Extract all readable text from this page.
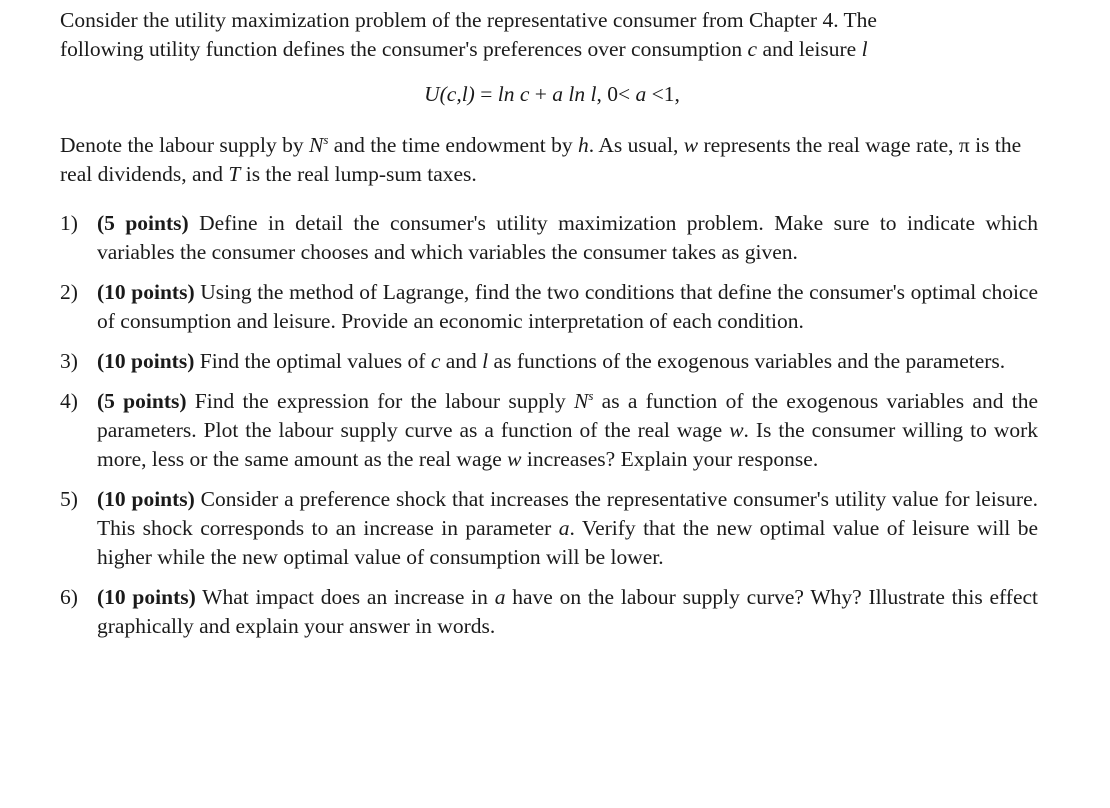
Consider the utility maximization problem of the representative consumer from Chapter 4. The
following utility function defines the consumer's preferences over consumption c and leisure l

U(c,l) = ln c + a ln l, 0< a <1,

Denote the labour supply by $N^s$ and the time endowment by h. As usual, w represents the real wage rate, π is the real dividends, and T is the real lump-sum taxes.

1) (5 points) Define in detail the consumer's utility maximization problem. Make sure to indicate which variables the consumer chooses and which variables the consumer takes as given.
2) (10 points) Using the method of Lagrange, find the two conditions that define the consumer's optimal choice of consumption and leisure. Provide an economic interpretation of each condition.
3) (10 points) Find the optimal values of c and l as functions of the exogenous variables and the parameters.
4) (5 points) Find the expression for the labour supply $N^s$ as a function of the exogenous variables and the parameters. Plot the labour supply curve as a function of the real wage w. Is the consumer willing to work more, less or the same amount as the real wage w increases? Explain your response.
5) (10 points) Consider a preference shock that increases the representative consumer's utility value for leisure. This shock corresponds to an increase in parameter a. Verify that the new optimal value of leisure will be higher while the new optimal value of consumption will be lower.
6) (10 points) What impact does an increase in a have on the labour supply curve? Why? Illustrate this effect graphically and explain your answer in words.
